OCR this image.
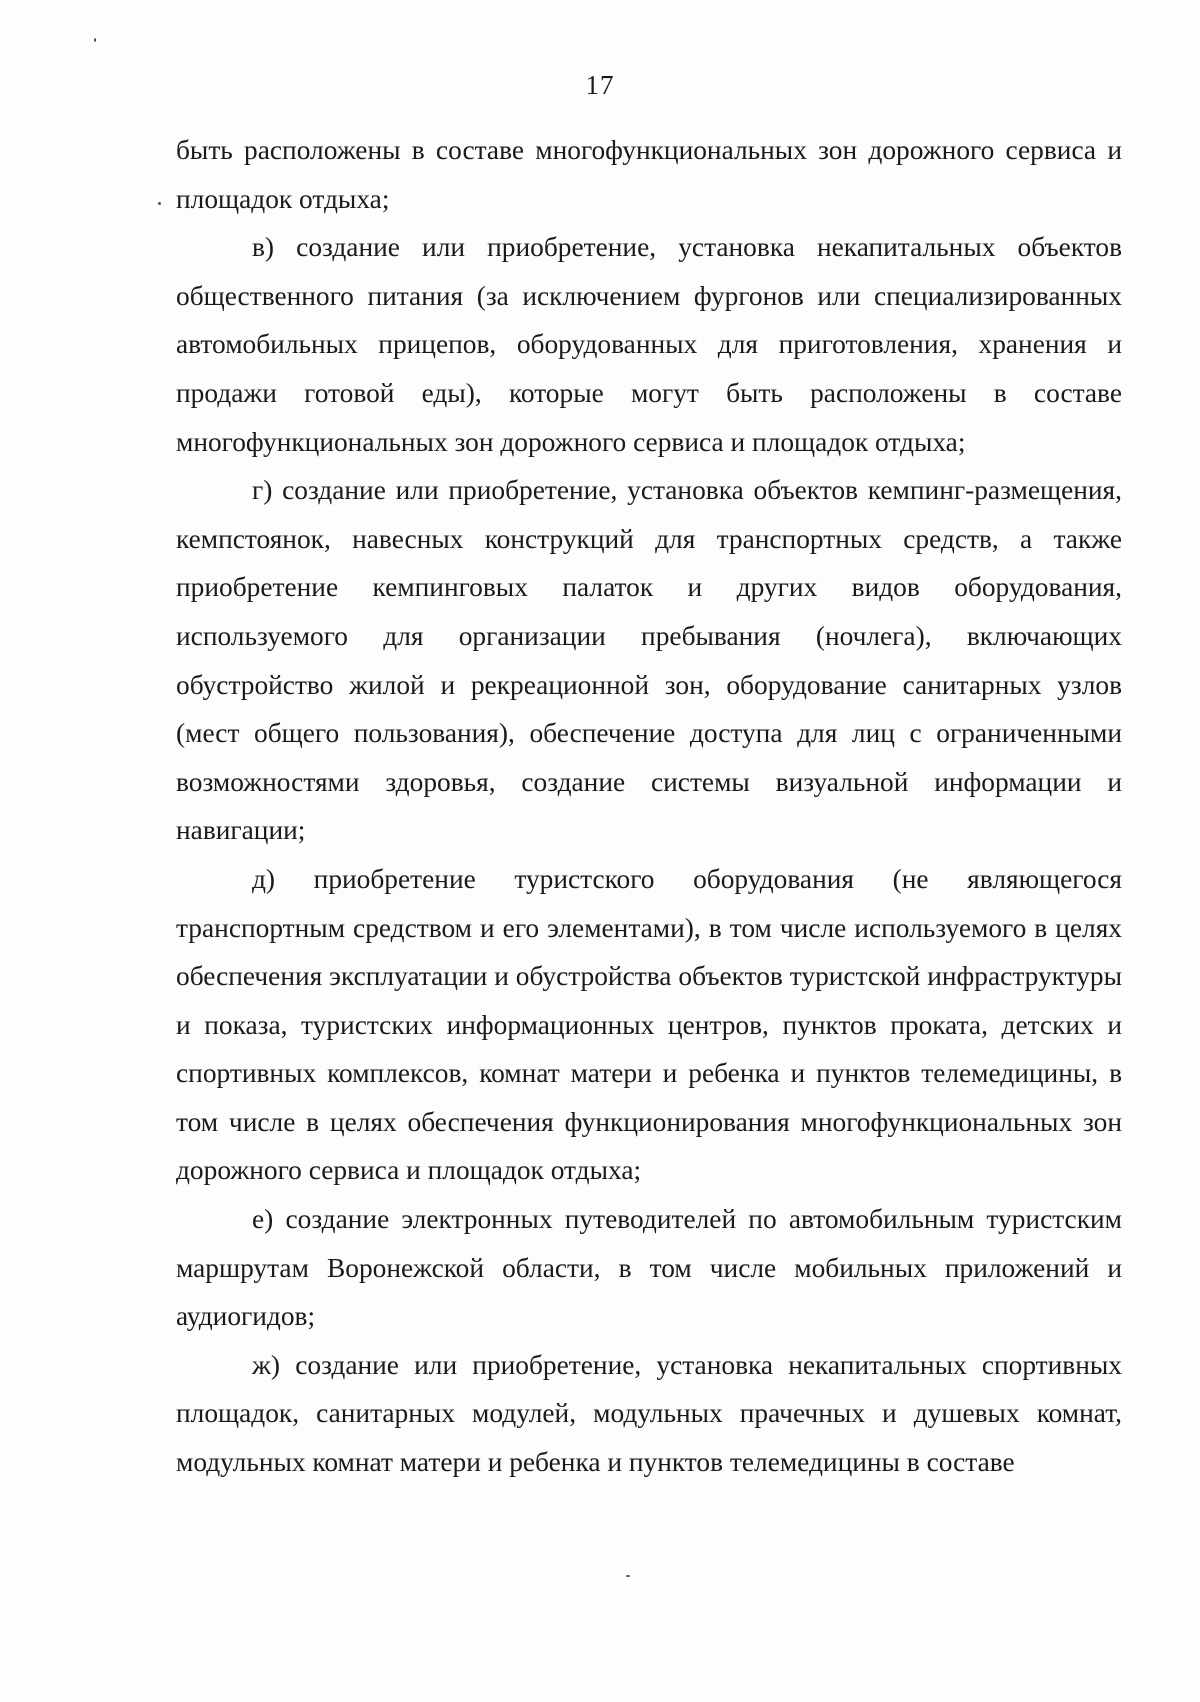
17

быть расположены в составе многофункциональных зон дорожного сервиса и площадок отдыха;

в) создание или приобретение, установка некапитальных объектов общественного питания (за исключением фургонов или специализированных автомобильных прицепов, оборудованных для приготовления, хранения и продажи готовой еды), которые могут быть расположены в составе многофункциональных зон дорожного сервиса и площадок отдыха;

г) создание или приобретение, установка объектов кемпинг-размещения, кемпстоянок, навесных конструкций для транспортных средств, а также приобретение кемпинговых палаток и других видов оборудования, используемого для организации пребывания (ночлега), включающих обустройство жилой и рекреационной зон, оборудование санитарных узлов (мест общего пользования), обеспечение доступа для лиц с ограниченными возможностями здоровья, создание системы визуальной информации и навигации;

д) приобретение туристского оборудования (не являющегося транспортным средством и его элементами), в том числе используемого в целях обеспечения эксплуатации и обустройства объектов туристской инфраструктуры и показа, туристских информационных центров, пунктов проката, детских и спортивных комплексов, комнат матери и ребенка и пунктов телемедицины, в том числе в целях обеспечения функционирования многофункциональных зон дорожного сервиса и площадок отдыха;

е) создание электронных путеводителей по автомобильным туристским маршрутам Воронежской области, в том числе мобильных приложений и аудиогидов;

ж) создание или приобретение, установка некапитальных спортивных площадок, санитарных модулей, модульных прачечных и душевых комнат, модульных комнат матери и ребенка и пунктов телемедицины в составе
